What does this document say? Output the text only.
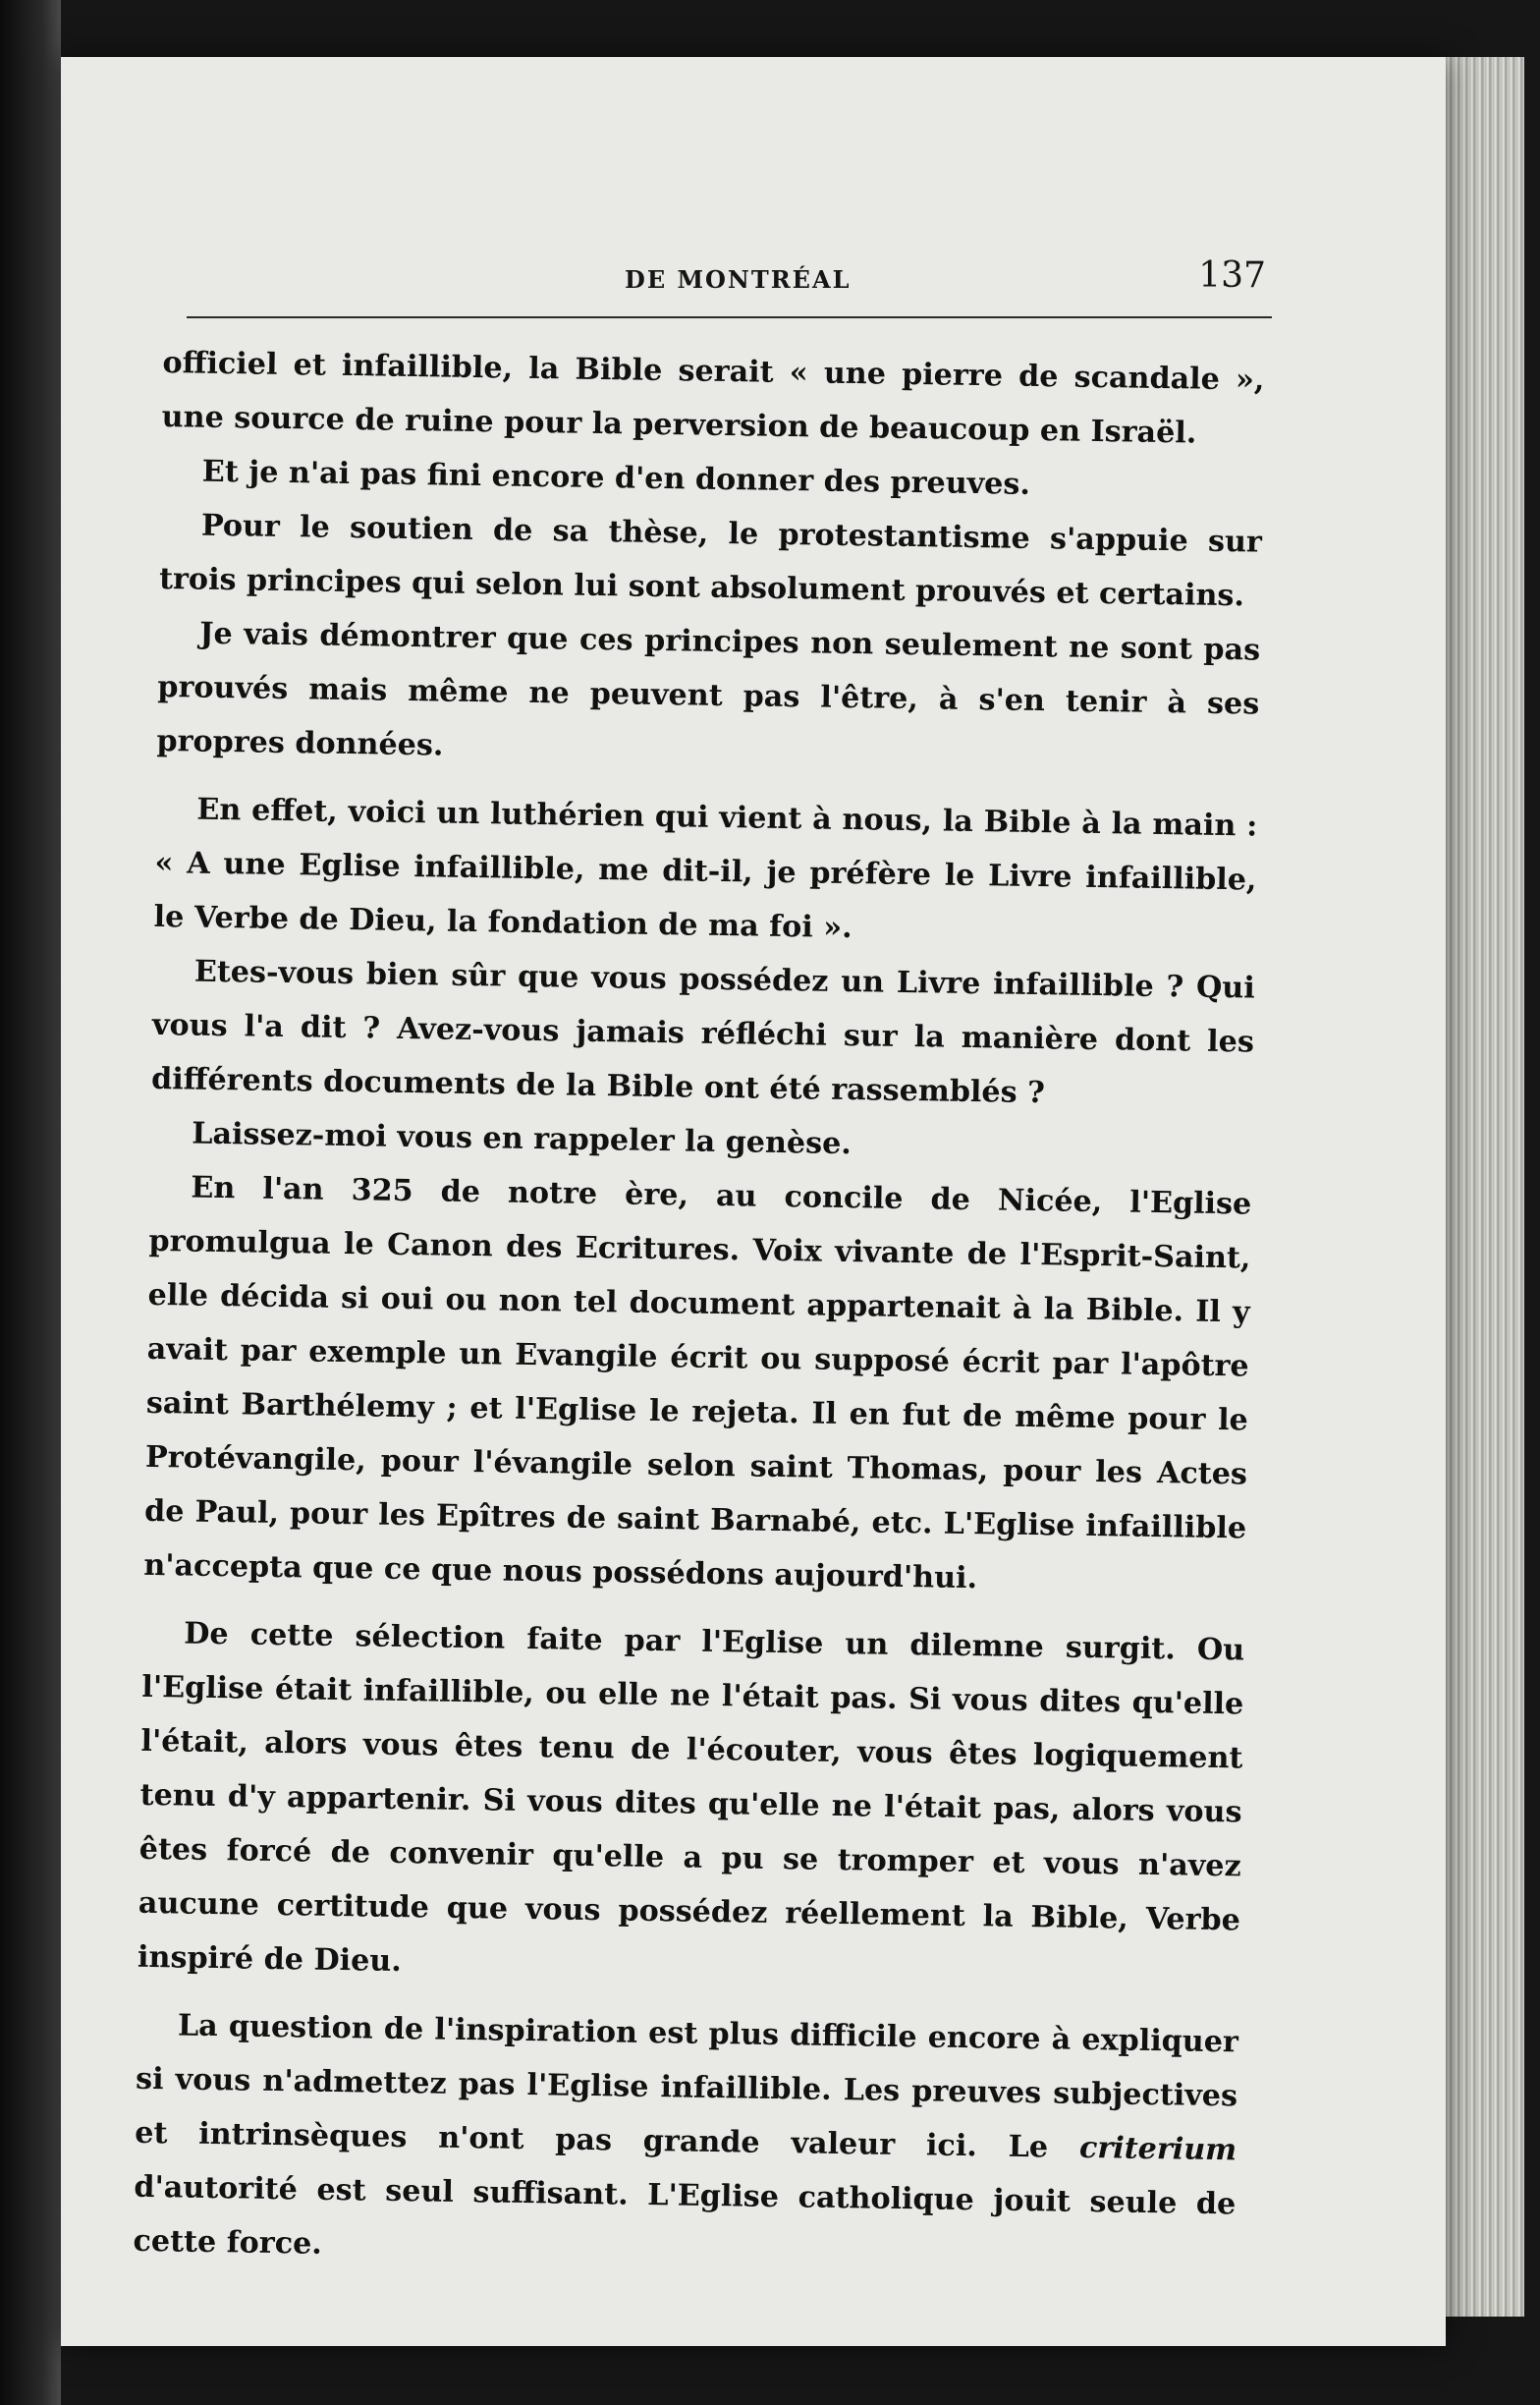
DE MONTRÉAL	137

officiel et infaillible, la Bible serait « une pierre de scandale », une source de ruine pour la perversion de beaucoup en Israël.

Et je n'ai pas fini encore d'en donner des preuves.

Pour le soutien de sa thèse, le protestantisme s'appuie sur trois principes qui selon lui sont absolument prouvés et certains.

Je vais démontrer que ces principes non seulement ne sont pas prouvés mais même ne peuvent pas l'être, à s'en tenir à ses propres données.

En effet, voici un luthérien qui vient à nous, la Bible à la main : « A une Eglise infaillible, me dit-il, je préfère le Livre infaillible, le Verbe de Dieu, la fondation de ma foi ».

Etes-vous bien sûr que vous possédez un Livre infaillible ? Qui vous l'a dit ? Avez-vous jamais réfléchi sur la manière dont les différents documents de la Bible ont été rassemblés ?

Laissez-moi vous en rappeler la genèse.

En l'an 325 de notre ère, au concile de Nicée, l'Eglise promulgua le Canon des Ecritures. Voix vivante de l'Esprit-Saint, elle décida si oui ou non tel document appartenait à la Bible. Il y avait par exemple un Evangile écrit ou supposé écrit par l'apôtre saint Barthélemy ; et l'Eglise le rejeta. Il en fut de même pour le Protévangile, pour l'évangile selon saint Thomas, pour les Actes de Paul, pour les Epîtres de saint Barnabé, etc. L'Eglise infaillible n'accepta que ce que nous possédons aujourd'hui.

De cette sélection faite par l'Eglise un dilemne surgit. Ou l'Eglise était infaillible, ou elle ne l'était pas. Si vous dites qu'elle l'était, alors vous êtes tenu de l'écouter, vous êtes logiquement tenu d'y appartenir. Si vous dites qu'elle ne l'était pas, alors vous êtes forcé de convenir qu'elle a pu se tromper et vous n'avez aucune certitude que vous possédez réellement la Bible, Verbe inspiré de Dieu.

La question de l'inspiration est plus difficile encore à expliquer si vous n'admettez pas l'Eglise infaillible. Les preuves subjectives et intrinsèques n'ont pas grande valeur ici. Le criterium d'autorité est seul suffisant. L'Eglise catholique jouit seule de cette force.
